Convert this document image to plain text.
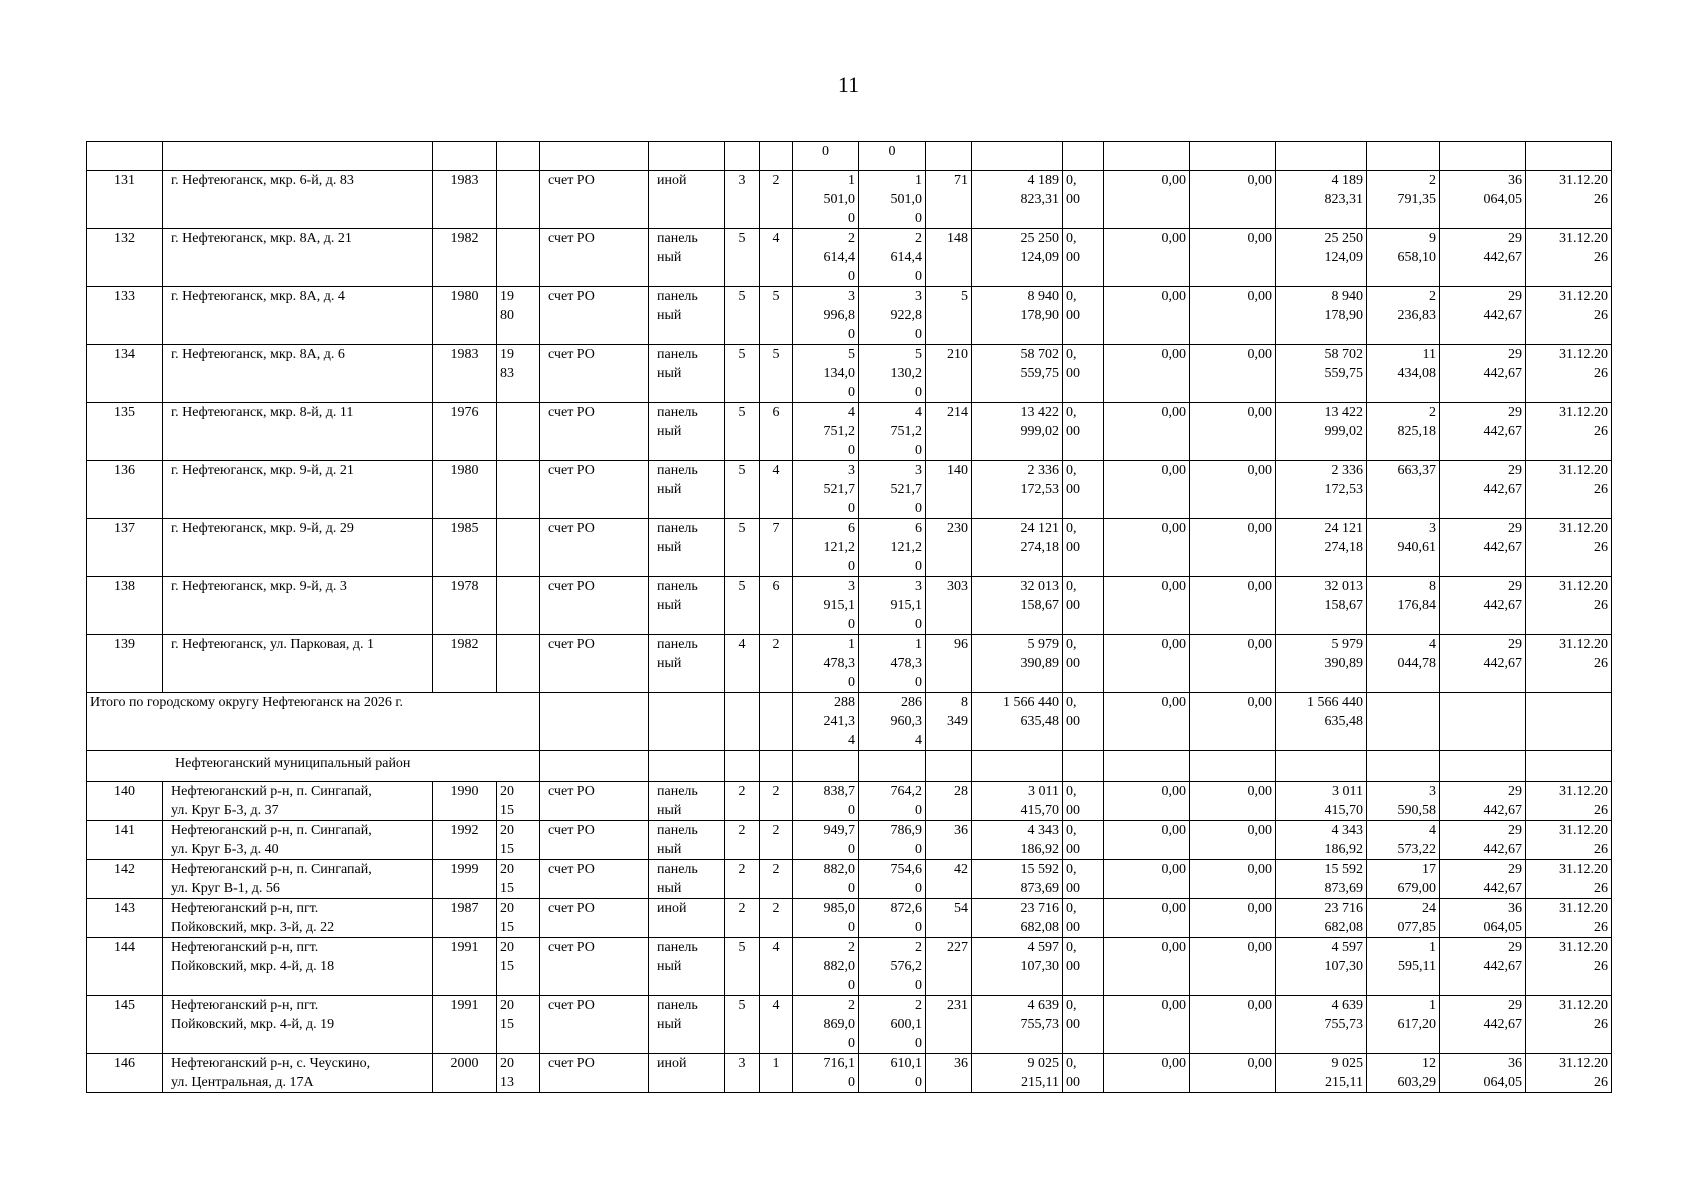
11
								0	0									
131	г. Нефтеюганск, мкр. 6-й, д. 83	1983		счет РО	иной	3	2	1
501,0
0	1
501,0
0	71	4 189
823,31	0,
00	0,00	0,00	4 189
823,31	2
791,35	36
064,05	31.12.20
26
132	г. Нефтеюганск, мкр. 8А, д. 21	1982		счет РО	панель
ный	5	4	2
614,4
0	2
614,4
0	148	25 250
124,09	0,
00	0,00	0,00	25 250
124,09	9
658,10	29
442,67	31.12.20
26
133	г. Нефтеюганск, мкр. 8А, д. 4	1980	19
80	счет РО	панель
ный	5	5	3
996,8
0	3
922,8
0	5	8 940
178,90	0,
00	0,00	0,00	8 940
178,90	2
236,83	29
442,67	31.12.20
26
134	г. Нефтеюганск, мкр. 8А, д. 6	1983	19
83	счет РО	панель
ный	5	5	5
134,0
0	5
130,2
0	210	58 702
559,75	0,
00	0,00	0,00	58 702
559,75	11
434,08	29
442,67	31.12.20
26
135	г. Нефтеюганск, мкр. 8-й, д. 11	1976		счет РО	панель
ный	5	6	4
751,2
0	4
751,2
0	214	13 422
999,02	0,
00	0,00	0,00	13 422
999,02	2
825,18	29
442,67	31.12.20
26
136	г. Нефтеюганск, мкр. 9-й, д. 21	1980		счет РО	панель
ный	5	4	3
521,7
0	3
521,7
0	140	2 336
172,53	0,
00	0,00	0,00	2 336
172,53	663,37	29
442,67	31.12.20
26
137	г. Нефтеюганск, мкр. 9-й, д. 29	1985		счет РО	панель
ный	5	7	6
121,2
0	6
121,2
0	230	24 121
274,18	0,
00	0,00	0,00	24 121
274,18	3
940,61	29
442,67	31.12.20
26
138	г. Нефтеюганск, мкр. 9-й, д. 3	1978		счет РО	панель
ный	5	6	3
915,1
0	3
915,1
0	303	32 013
158,67	0,
00	0,00	0,00	32 013
158,67	8
176,84	29
442,67	31.12.20
26
139	г. Нефтеюганск, ул. Парковая, д. 1	1982		счет РО	панель
ный	4	2	1
478,3
0	1
478,3
0	96	5 979
390,89	0,
00	0,00	0,00	5 979
390,89	4
044,78	29
442,67	31.12.20
26
Итого по городскому округу Нефтеюганск на 2026 г.								288
241,3
4	286
960,3
4	8
349	1 566 440
635,48	0,
00	0,00	0,00	1 566 440
635,48			
Нефтеюганский муниципальный район																		
140	Нефтеюганский р-н, п. Сингапай,
ул. Круг Б-3, д. 37	1990	20
15	счет РО	панель
ный	2	2	838,7
0	764,2
0	28	3 011
415,70	0,
00	0,00	0,00	3 011
415,70	3
590,58	29
442,67	31.12.20
26
141	Нефтеюганский р-н, п. Сингапай,
ул. Круг Б-3, д. 40	1992	20
15	счет РО	панель
ный	2	2	949,7
0	786,9
0	36	4 343
186,92	0,
00	0,00	0,00	4 343
186,92	4
573,22	29
442,67	31.12.20
26
142	Нефтеюганский р-н, п. Сингапай,
ул. Круг В-1, д. 56	1999	20
15	счет РО	панель
ный	2	2	882,0
0	754,6
0	42	15 592
873,69	0,
00	0,00	0,00	15 592
873,69	17
679,00	29
442,67	31.12.20
26
143	Нефтеюганский р-н, пгт.
Пойковский, мкр. 3-й, д. 22	1987	20
15	счет РО	иной	2	2	985,0
0	872,6
0	54	23 716
682,08	0,
00	0,00	0,00	23 716
682,08	24
077,85	36
064,05	31.12.20
26
144	Нефтеюганский р-н, пгт.
Пойковский, мкр. 4-й, д. 18	1991	20
15	счет РО	панель
ный	5	4	2
882,0
0	2
576,2
0	227	4 597
107,30	0,
00	0,00	0,00	4 597
107,30	1
595,11	29
442,67	31.12.20
26
145	Нефтеюганский р-н, пгт.
Пойковский, мкр. 4-й, д. 19	1991	20
15	счет РО	панель
ный	5	4	2
869,0
0	2
600,1
0	231	4 639
755,73	0,
00	0,00	0,00	4 639
755,73	1
617,20	29
442,67	31.12.20
26
146	Нефтеюганский р-н, с. Чеускино,
ул. Центральная, д. 17А	2000	20
13	счет РО	иной	3	1	716,1
0	610,1
0	36	9 025
215,11	0,
00	0,00	0,00	9 025
215,11	12
603,29	36
064,05	31.12.20
26
